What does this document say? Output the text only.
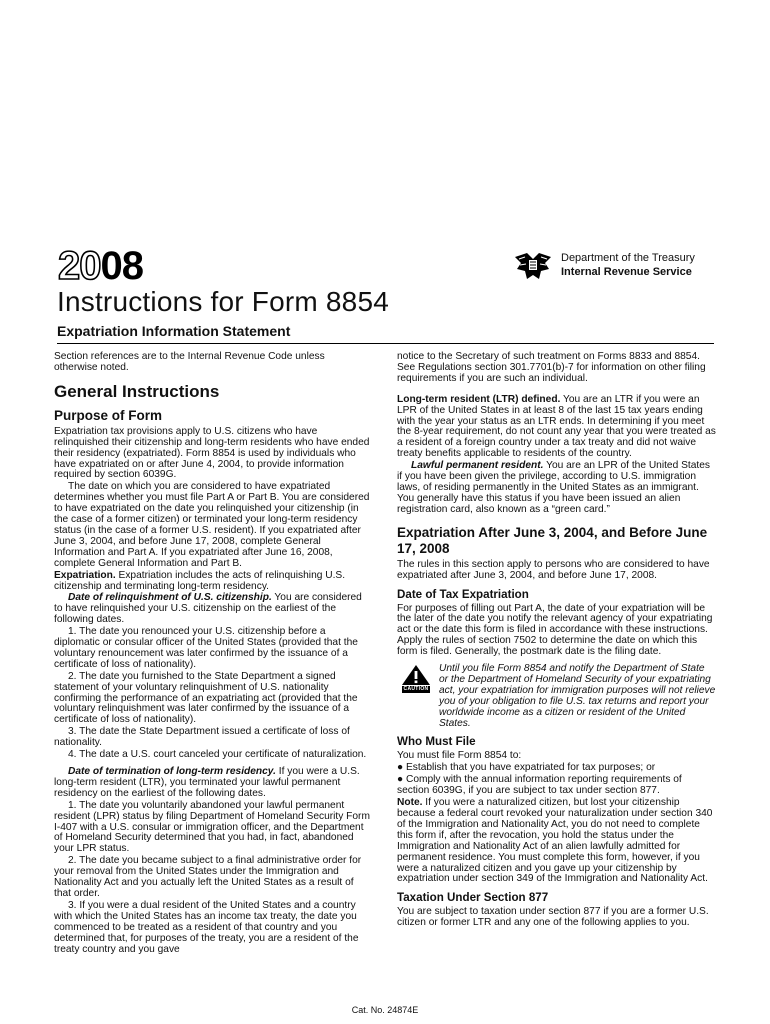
2008	Department of the Treasury
Internal Revenue Service
Instructions for Form 8854
Expatriation Information Statement

Section references are to the Internal Revenue Code unless otherwise noted.

General Instructions
Purpose of Form

Expatriation tax provisions apply to U.S. citizens who have relinquished their citizenship and long-term residents who have ended their residency (expatriated). Form 8854 is used by individuals who have expatriated on or after June 4, 2004, to provide information required by section 6039G.

The date on which you are considered to have expatriated determines whether you must file Part A or Part B. You are considered to have expatriated on the date you relinquished your citizenship (in the case of a former citizen) or terminated your long-term residency status (in the case of a former U.S. resident). If you expatriated after June 3, 2004, and before June 17, 2008, complete General Information and Part A. If you expatriated after June 16, 2008, complete General Information and Part B.

Expatriation. Expatriation includes the acts of relinquishing U.S. citizenship and terminating long-term residency.

Date of relinquishment of U.S. citizenship. You are considered to have relinquished your U.S. citizenship on the earliest of the following dates.

1. The date you renounced your U.S. citizenship before a diplomatic or consular officer of the United States (provided that the voluntary renouncement was later confirmed by the issuance of a certificate of loss of nationality).

2. The date you furnished to the State Department a signed statement of your voluntary relinquishment of U.S. nationality confirming the performance of an expatriating act (provided that the voluntary relinquishment was later confirmed by the issuance of a certificate of loss of nationality).

3. The date the State Department issued a certificate of loss of nationality.

4. The date a U.S. court canceled your certificate of naturalization.

Date of termination of long-term residency. If you were a U.S. long-term resident (LTR), you terminated your lawful permanent residency on the earliest of the following dates.

1. The date you voluntarily abandoned your lawful permanent resident (LPR) status by filing Department of Homeland Security Form I-407 with a U.S. consular or immigration officer, and the Department of Homeland Security determined that you had, in fact, abandoned your LPR status.

2. The date you became subject to a final administrative order for your removal from the United States under the Immigration and Nationality Act and you actually left the United States as a result of that order.

3. If you were a dual resident of the United States and a country with which the United States has an income tax treaty, the date you commenced to be treated as a resident of that country and you determined that, for purposes of the treaty, you are a resident of the treaty country and you gave

notice to the Secretary of such treatment on Forms 8833 and 8854. See Regulations section 301.7701(b)-7 for information on other filing requirements if you are such an individual.

Long-term resident (LTR) defined. You are an LTR if you were an LPR of the United States in at least 8 of the last 15 tax years ending with the year your status as an LTR ends. In determining if you meet the 8-year requirement, do not count any year that you were treated as a resident of a foreign country under a tax treaty and did not waive treaty benefits applicable to residents of the country.

Lawful permanent resident. You are an LPR of the United States if you have been given the privilege, according to U.S. immigration laws, of residing permanently in the United States as an immigrant. You generally have this status if you have been issued an alien registration card, also known as a “green card.”

Expatriation After June 3, 2004, and Before June 17, 2008

The rules in this section apply to persons who are considered to have expatriated after June 3, 2004, and before June 17, 2008.

Date of Tax Expatriation

For purposes of filling out Part A, the date of your expatriation will be the later of the date you notify the relevant agency of your expatriating act or the date this form is filed in accordance with these instructions. Apply the rules of section 7502 to determine the date on which this form is filed. Generally, the postmark date is the filing date.

CAUTION
Until you file Form 8854 and notify the Department of State or the Department of Homeland Security of your expatriating act, your expatriation for immigration purposes will not relieve you of your obligation to file U.S. tax returns and report your worldwide income as a citizen or resident of the United States.
Who Must File

You must file Form 8854 to:

● Establish that you have expatriated for tax purposes; or

● Comply with the annual information reporting requirements of section 6039G, if you are subject to tax under section 877.

Note. If you were a naturalized citizen, but lost your citizenship because a federal court revoked your naturalization under section 340 of the Immigration and Nationality Act, you do not need to complete this form if, after the revocation, you hold the status under the Immigration and Nationality Act of an alien lawfully admitted for permanent residence. You must complete this form, however, if you were a naturalized citizen and you gave up your citizenship by expatriation under section 349 of the Immigration and Nationality Act.

Taxation Under Section 877

You are subject to taxation under section 877 if you are a former U.S. citizen or former LTR and any one of the following applies to you.

Cat. No. 24874E
